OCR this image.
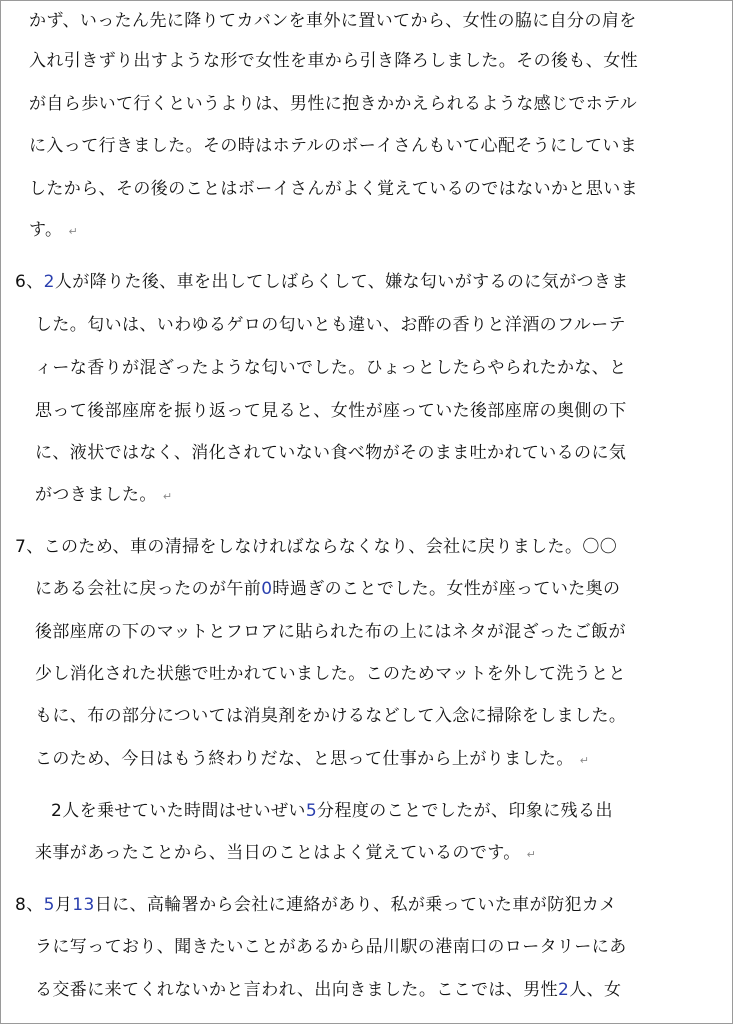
かず、いったん先に降りてカバンを車外に置いてから、女性の脇に自分の肩を
入れ引きずり出すような形で女性を車から引き降ろしました。その後も、女性
が自ら歩いて行くというよりは、男性に抱きかかえられるような感じでホテル
に入って行きました。その時はホテルのボーイさんもいて心配そうにしていま
したから、その後のことはボーイさんがよく覚えているのではないかと思いま
す。 ↵
6、2人が降りた後、車を出してしばらくして、嫌な匂いがするのに気がつきま
した。匂いは、いわゆるゲロの匂いとも違い、お酢の香りと洋酒のフルーテ
ィーな香りが混ざったような匂いでした。ひょっとしたらやられたかな、と
思って後部座席を振り返って見ると、女性が座っていた後部座席の奥側の下
に、液状ではなく、消化されていない食べ物がそのまま吐かれているのに気
がつきました。 ↵
7、このため、車の清掃をしなければならなくなり、会社に戻りました。〇〇
にある会社に戻ったのが午前0時過ぎのことでした。女性が座っていた奥の
後部座席の下のマットとフロアに貼られた布の上にはネタが混ざったご飯が
少し消化された状態で吐かれていました。このためマットを外して洗うとと
もに、布の部分については消臭剤をかけるなどして入念に掃除をしました。
このため、今日はもう終わりだな、と思って仕事から上がりました。 ↵
2人を乗せていた時間はせいぜい5分程度のことでしたが、印象に残る出
来事があったことから、当日のことはよく覚えているのです。 ↵
8、5月13日に、高輪署から会社に連絡があり、私が乗っていた車が防犯カメ
ラに写っており、聞きたいことがあるから品川駅の港南口のロータリーにあ
る交番に来てくれないかと言われ、出向きました。ここでは、男性2人、女
